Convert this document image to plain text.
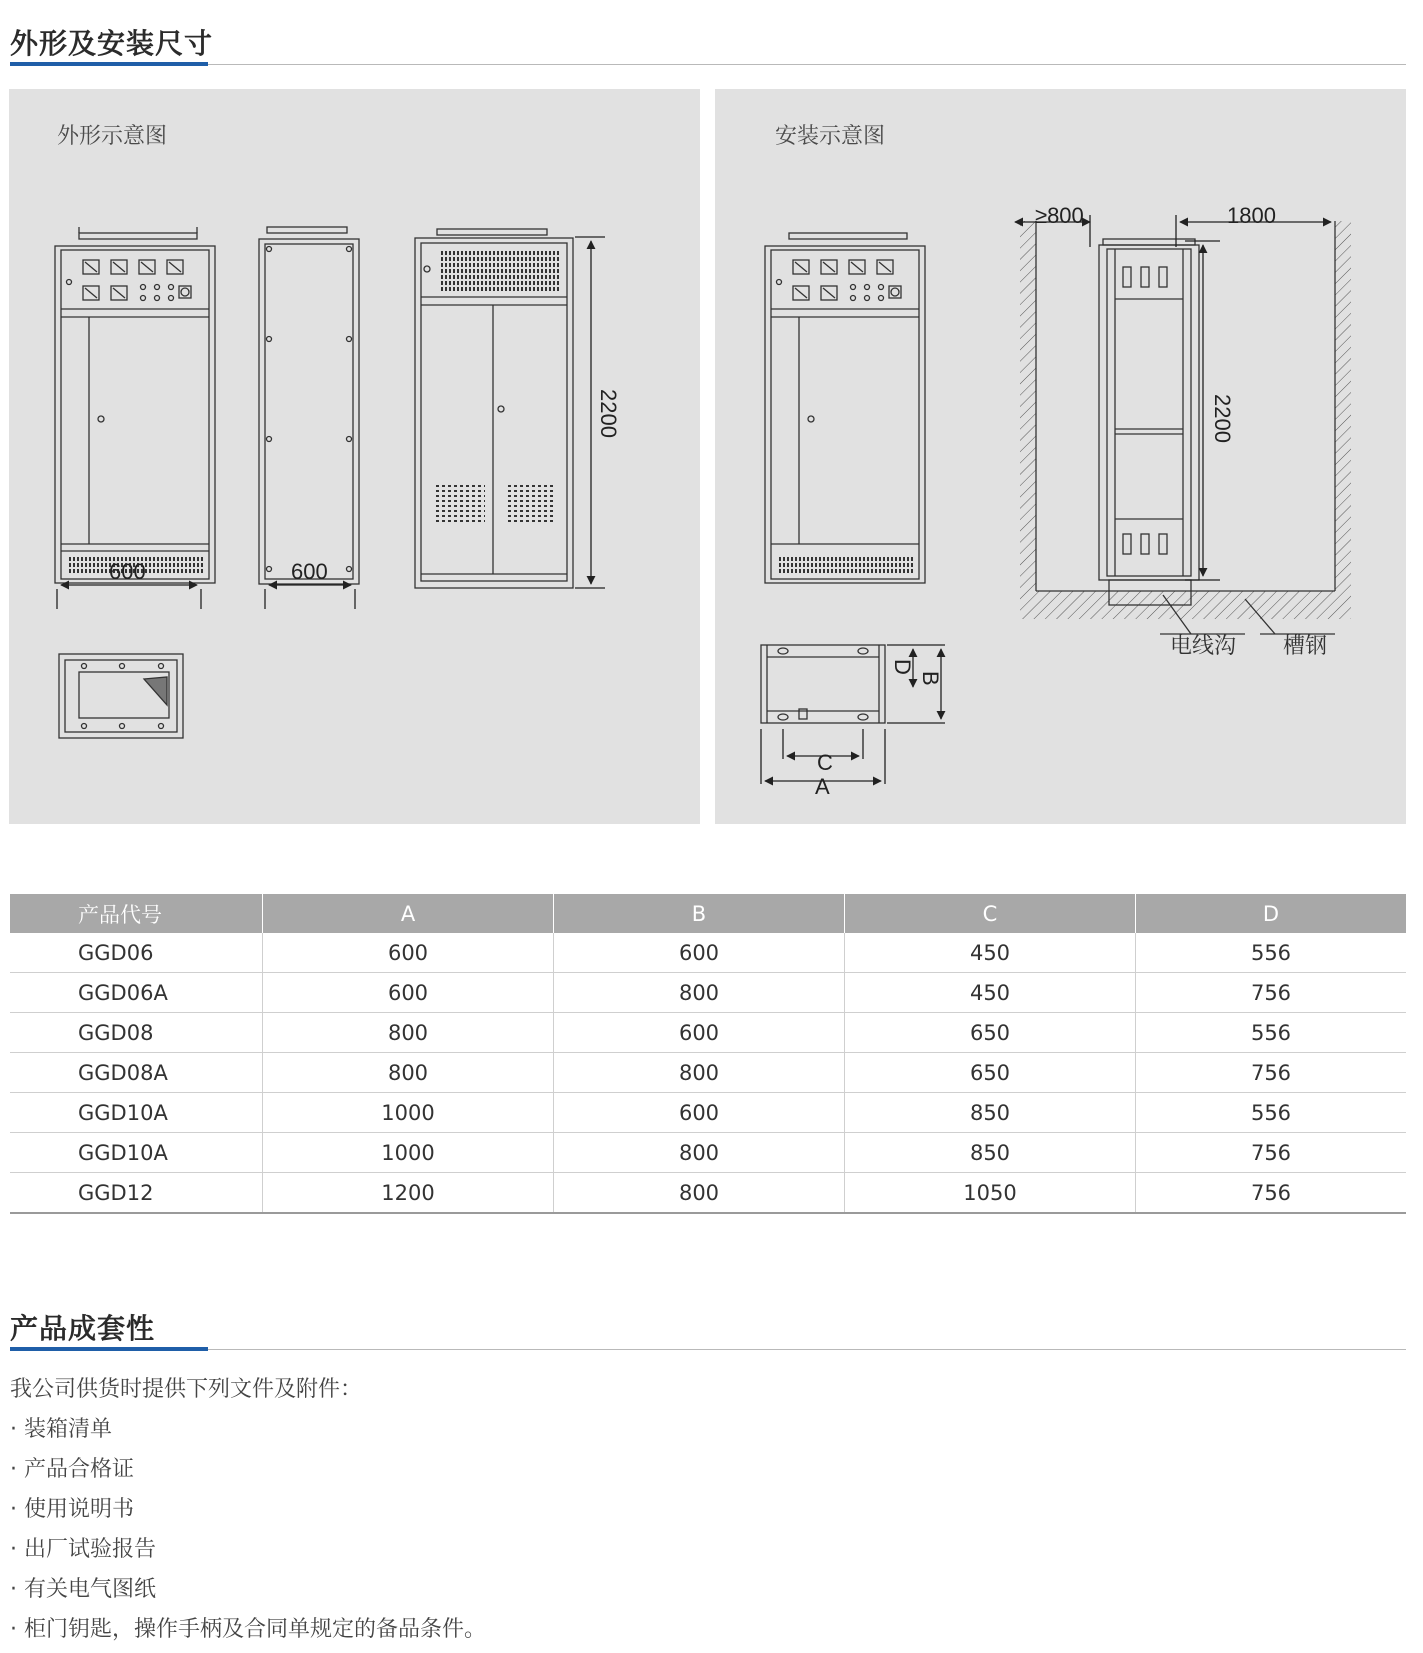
外形及安装尺寸
600	600
2200
外形示意图
≥800	1800
2200
电线沟 槽钢
D
B
C
A
安装示意图
产品代号	A	B	C	D
GGD06	600	600	450	556
GGD06A	600	800	450	756
GGD08	800	600	650	556
GGD08A	800	800	650	756
GGD10A	1000	600	850	556
GGD10A	1000	800	850	756
GGD12	1200	800	1050	756
产品成套性
我公司供货时提供下列文件及附件：
· 装箱清单
· 产品合格证
· 使用说明书
· 出厂试验报告
· 有关电气图纸
· 柜门钥匙，操作手柄及合同单规定的备品条件。
